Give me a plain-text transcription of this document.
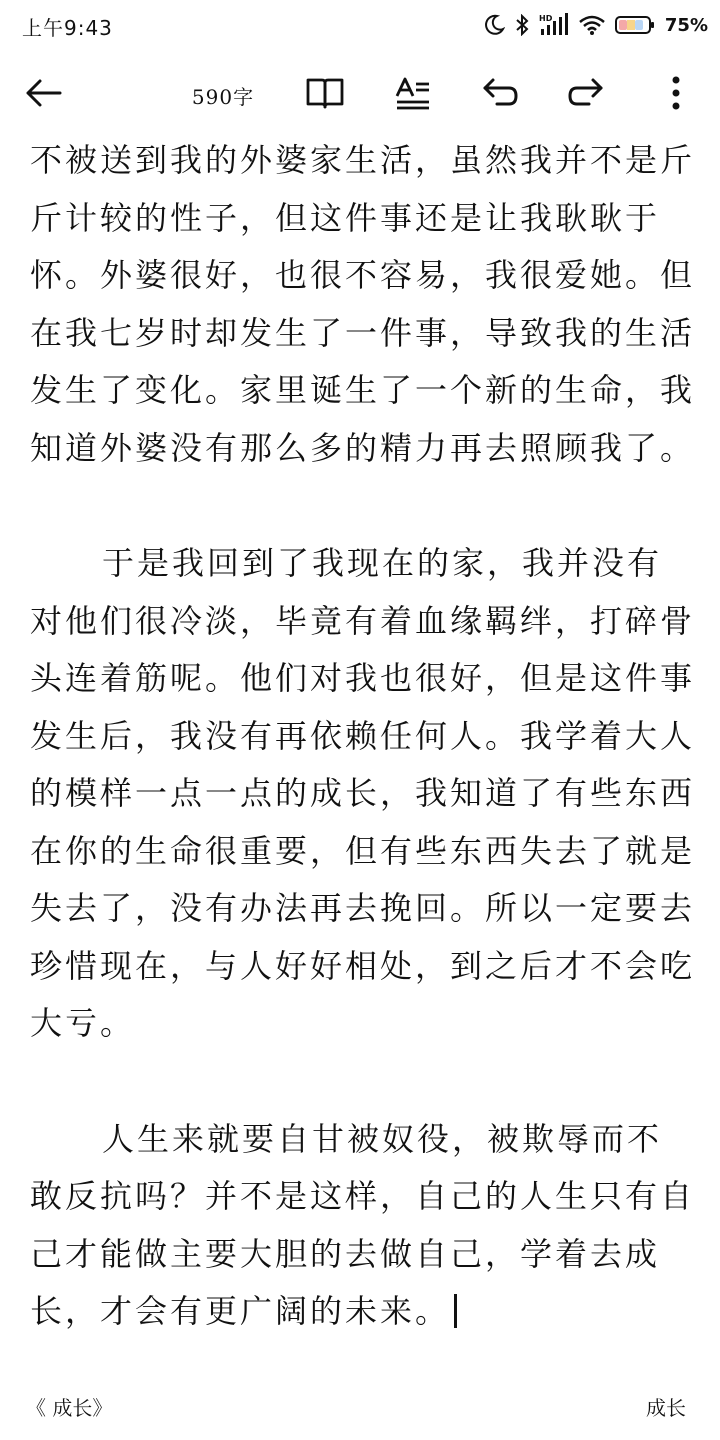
上午9:43	HD	75%
590字

不被送到我的外婆家生活，虽然我并不是斤斤计较的性子，但这件事还是让我耿耿于怀。外婆很好，也很不容易，我很爱她。但在我七岁时却发生了一件事，导致我的生活发生了变化。家里诞生了一个新的生命，我知道外婆没有那么多的精力再去照顾我了。

于是我回到了我现在的家，我并没有对他们很冷淡，毕竟有着血缘羁绊，打碎骨头连着筋呢。他们对我也很好，但是这件事发生后，我没有再依赖任何人。我学着大人的模样一点一点的成长，我知道了有些东西在你的生命很重要，但有些东西失去了就是失去了，没有办法再去挽回。所以一定要去珍惜现在，与人好好相处，到之后才不会吃大亏。

人生来就要自甘被奴役，被欺辱而不敢反抗吗？并不是这样，自己的人生只有自己才能做主要大胆的去做自己，学着去成长，才会有更广阔的未来。

《 成长》	成长
